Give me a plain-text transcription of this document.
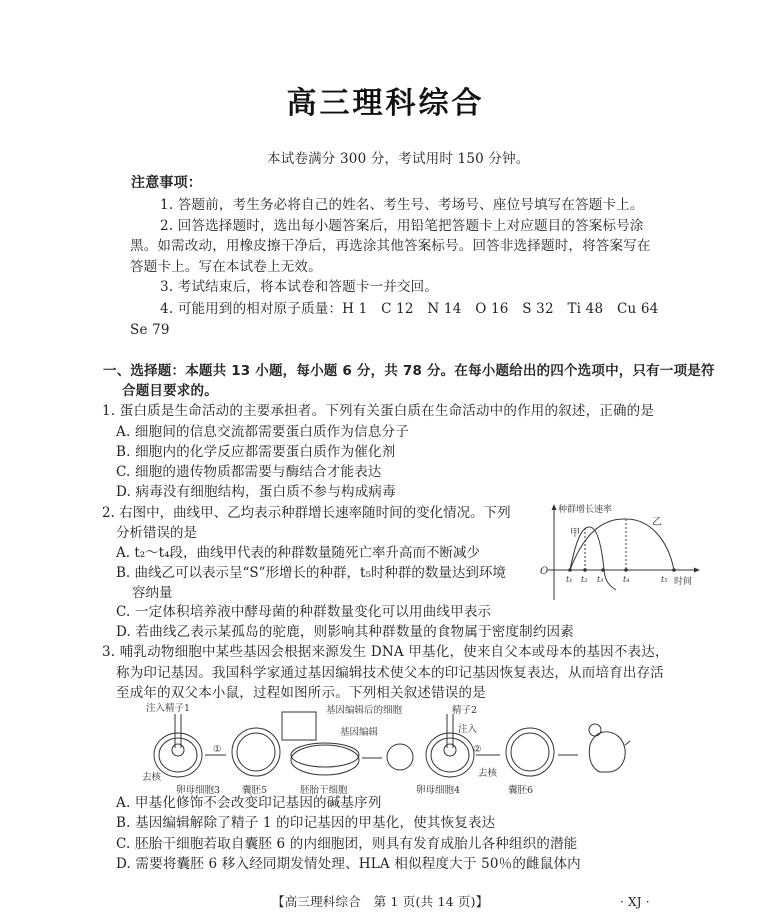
高三理科综合
本试卷满分 300 分，考试用时 150 分钟。
注意事项：
1. 答题前，考生务必将自己的姓名、考生号、考场号、座位号填写在答题卡上。
2. 回答选择题时，选出每小题答案后，用铅笔把答题卡上对应题目的答案标号涂
黑。如需改动，用橡皮擦干净后，再选涂其他答案标号。回答非选择题时，将答案写在
答题卡上。写在本试卷上无效。
3. 考试结束后，将本试卷和答题卡一并交回。
4. 可能用到的相对原子质量：H 1　C 12　N 14　O 16　S 32　Ti 48　Cu 64
Se 79
一、选择题：本题共 13 小题，每小题 6 分，共 78 分。在每小题给出的四个选项中，只有一项是符
合题目要求的。
1. 蛋白质是生命活动的主要承担者。下列有关蛋白质在生命活动中的作用的叙述，正确的是
A. 细胞间的信息交流都需要蛋白质作为信息分子
B. 细胞内的化学反应都需要蛋白质作为催化剂
C. 细胞的遗传物质都需要与酶结合才能表达
D. 病毒没有细胞结构，蛋白质不参与构成病毒
2. 右图中，曲线甲、乙均表示种群增长速率随时间的变化情况。下列
分析错误的是
A. t₂～t₄段，曲线甲代表的种群数量随死亡率升高而不断减少
B. 曲线乙可以表示呈“S”形增长的种群，t₅时种群的数量达到环境
容纳量
C. 一定体积培养液中酵母菌的种群数量变化可以用曲线甲表示
D. 若曲线乙表示某孤岛的驼鹿，则影响其种群数量的食物属于密度制约因素
种群增长速率
时间
O
甲
乙
t₁ t₂ t₃ t₄	t₅
3. 哺乳动物细胞中某些基因会根据来源发生 DNA 甲基化，使来自父本或母本的基因不表达，
称为印记基因。我国科学家通过基因编辑技术使父本的印记基因恢复表达，从而培育出存活
至成年的双父本小鼠，过程如图所示。下列相关叙述错误的是
注入精子1
①
去核
卵母细胞3 囊胚5	胚胎干细胞
基因编辑
基因编辑后的细胞	精子2
注入
②
去核
卵母细胞4	囊胚6
A. 甲基化修饰不会改变印记基因的碱基序列
B. 基因编辑解除了精子 1 的印记基因的甲基化，使其恢复表达
C. 胚胎干细胞若取自囊胚 6 的内细胞团，则具有发育成胎儿各种组织的潜能
D. 需要将囊胚 6 移入经同期发情处理、HLA 相似程度大于 50％的雌鼠体内
【高三理科综合　第 1 页(共 14 页)】	· XJ ·
